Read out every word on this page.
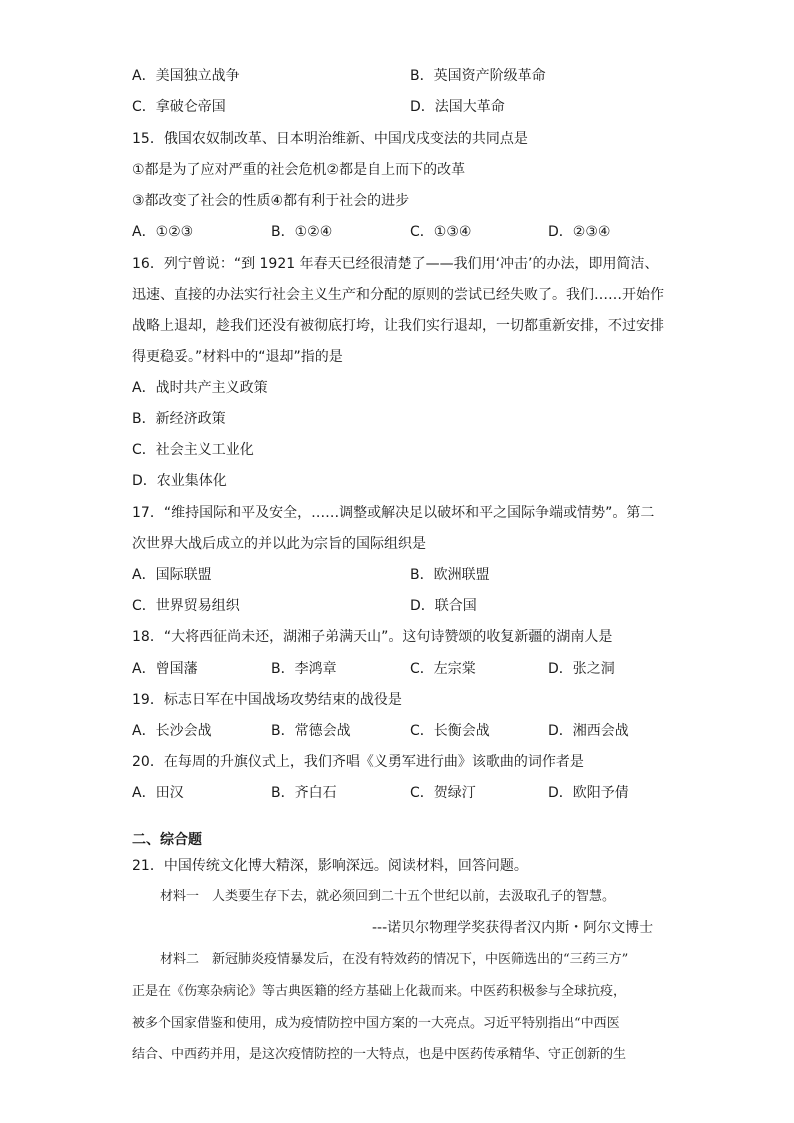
A．美国独立战争	B．英国资产阶级革命
C．拿破仑帝国	D．法国大革命
15．俄国农奴制改革、日本明治维新、中国戊戌变法的共同点是
①都是为了应对严重的社会危机②都是自上而下的改革
③都改变了社会的性质④都有利于社会的进步
A．①②③	B．①②④	C．①③④	D．②③④
16．列宁曾说：“到 1921 年春天已经很清楚了——我们用‘冲击’的办法，即用简洁、
迅速、直接的办法实行社会主义生产和分配的原则的尝试已经失败了。我们……开始作
战略上退却，趁我们还没有被彻底打垮，让我们实行退却，一切都重新安排，不过安排
得更稳妥。”材料中的“退却”指的是
A．战时共产主义政策
B．新经济政策
C．社会主义工业化
D．农业集体化
17．“维持国际和平及安全，……调整或解决足以破坏和平之国际争端或情势”。第二
次世界大战后成立的并以此为宗旨的国际组织是
A．国际联盟	B．欧洲联盟
C．世界贸易组织	D．联合国
18．“大将西征尚未还，湖湘子弟满天山”。这句诗赞颂的收复新疆的湖南人是
A．曾国藩	B．李鸿章	C．左宗棠	D．张之洞
19．标志日军在中国战场攻势结束的战役是
A．长沙会战	B．常德会战	C．长衡会战	D．湘西会战
20．在每周的升旗仪式上，我们齐唱《义勇军进行曲》该歌曲的词作者是
A．田汉	B．齐白石	C．贺绿汀	D．欧阳予倩
二、综合题
21．中国传统文化博大精深，影响深远。阅读材料，回答问题。
材料一　人类要生存下去，就必须回到二十五个世纪以前，去汲取孔子的智慧。
---诺贝尔物理学奖获得者汉内斯・阿尔文博士
材料二　新冠肺炎疫情暴发后，在没有特效药的情况下，中医筛选出的“三药三方”
正是在《伤寒杂病论》等古典医籍的经方基础上化裁而来。中医药积极参与全球抗疫，
被多个国家借鉴和使用，成为疫情防控中国方案的一大亮点。习近平特别指出“中西医
结合、中西药并用，是这次疫情防控的一大特点，也是中医药传承精华、守正创新的生
